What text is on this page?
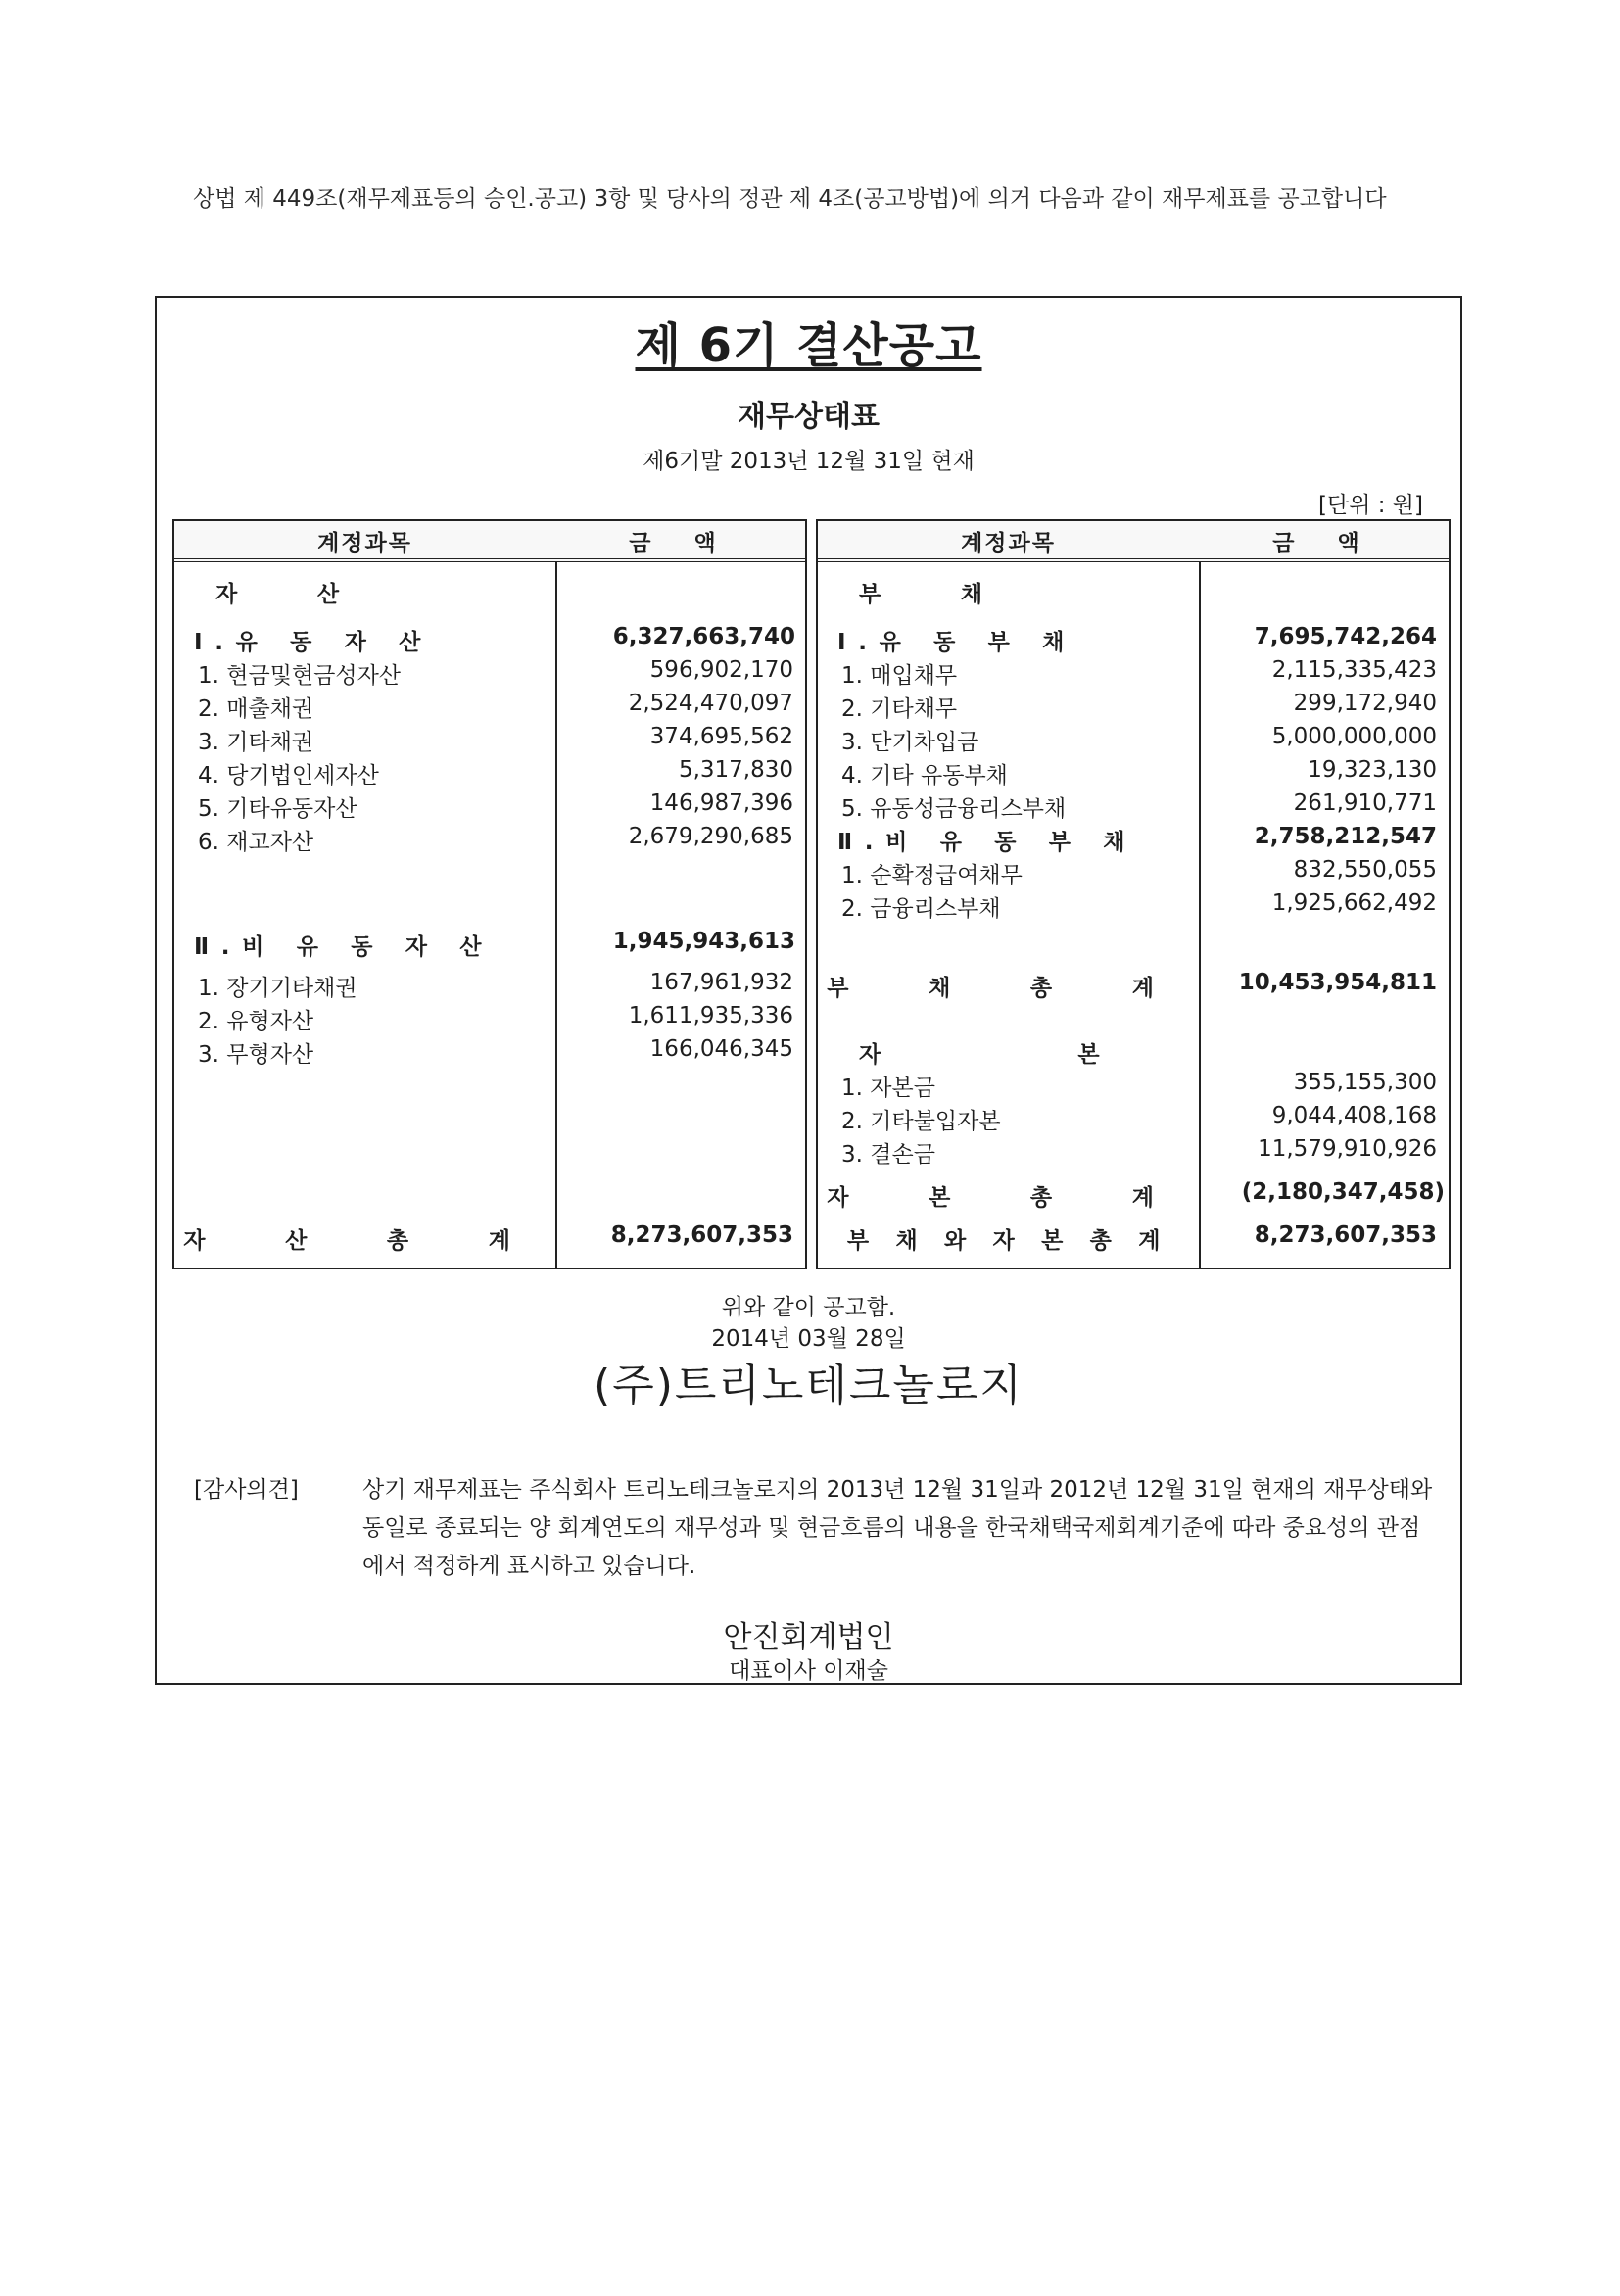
상법 제 449조(재무제표등의 승인.공고) 3항 및 당사의 정관 제 4조(공고방법)에 의거 다음과 같이 재무제표를 공고합니다
제 6기 결산공고
재무상태표
제6기말 2013년 12월 31일 현재
[단위 : 원]
계정과목	금 액
자 산
Ⅰ.유 동 자 산	6,327,663,740
1. 현금및현금성자산	596,902,170
2. 매출채권	2,524,470,097
3. 기타채권	374,695,562
4. 당기법인세자산	5,317,830
5. 기타유동자산	146,987,396
6. 재고자산	2,679,290,685
Ⅱ.비 유 동 자 산	1,945,943,613
1. 장기기타채권	167,961,932
2. 유형자산	1,611,935,336
3. 무형자산	166,046,345
자 산 총 계	8,273,607,353
계정과목	금 액
부 채
Ⅰ.유 동 부 채	7,695,742,264
1. 매입채무	2,115,335,423
2. 기타채무	299,172,940
3. 단기차입금	5,000,000,000
4. 기타 유동부채	19,323,130
5. 유동성금융리스부채	261,910,771
Ⅱ.비 유 동 부 채	2,758,212,547
1. 순확정급여채무	832,550,055
2. 금융리스부채	1,925,662,492
부 채 총 계	10,453,954,811
자 본
1. 자본금	355,155,300
2. 기타불입자본	9,044,408,168
3. 결손금	11,579,910,926
자 본 총 계	(2,180,347,458)
부 채 와 자 본 총 계	8,273,607,353
위와 같이 공고함.
2014년 03월 28일
(주)트리노테크놀로지
[감사의견]	상기 재무제표는 주식회사 트리노테크놀로지의 2013년 12월 31일과 2012년 12월 31일 현재의 재무상태와 동일로 종료되는 양 회계연도의 재무성과 및 현금흐름의 내용을 한국채택국제회계기준에 따라 중요성의 관점에서 적정하게 표시하고 있습니다.
안진회계법인
대표이사 이재술
